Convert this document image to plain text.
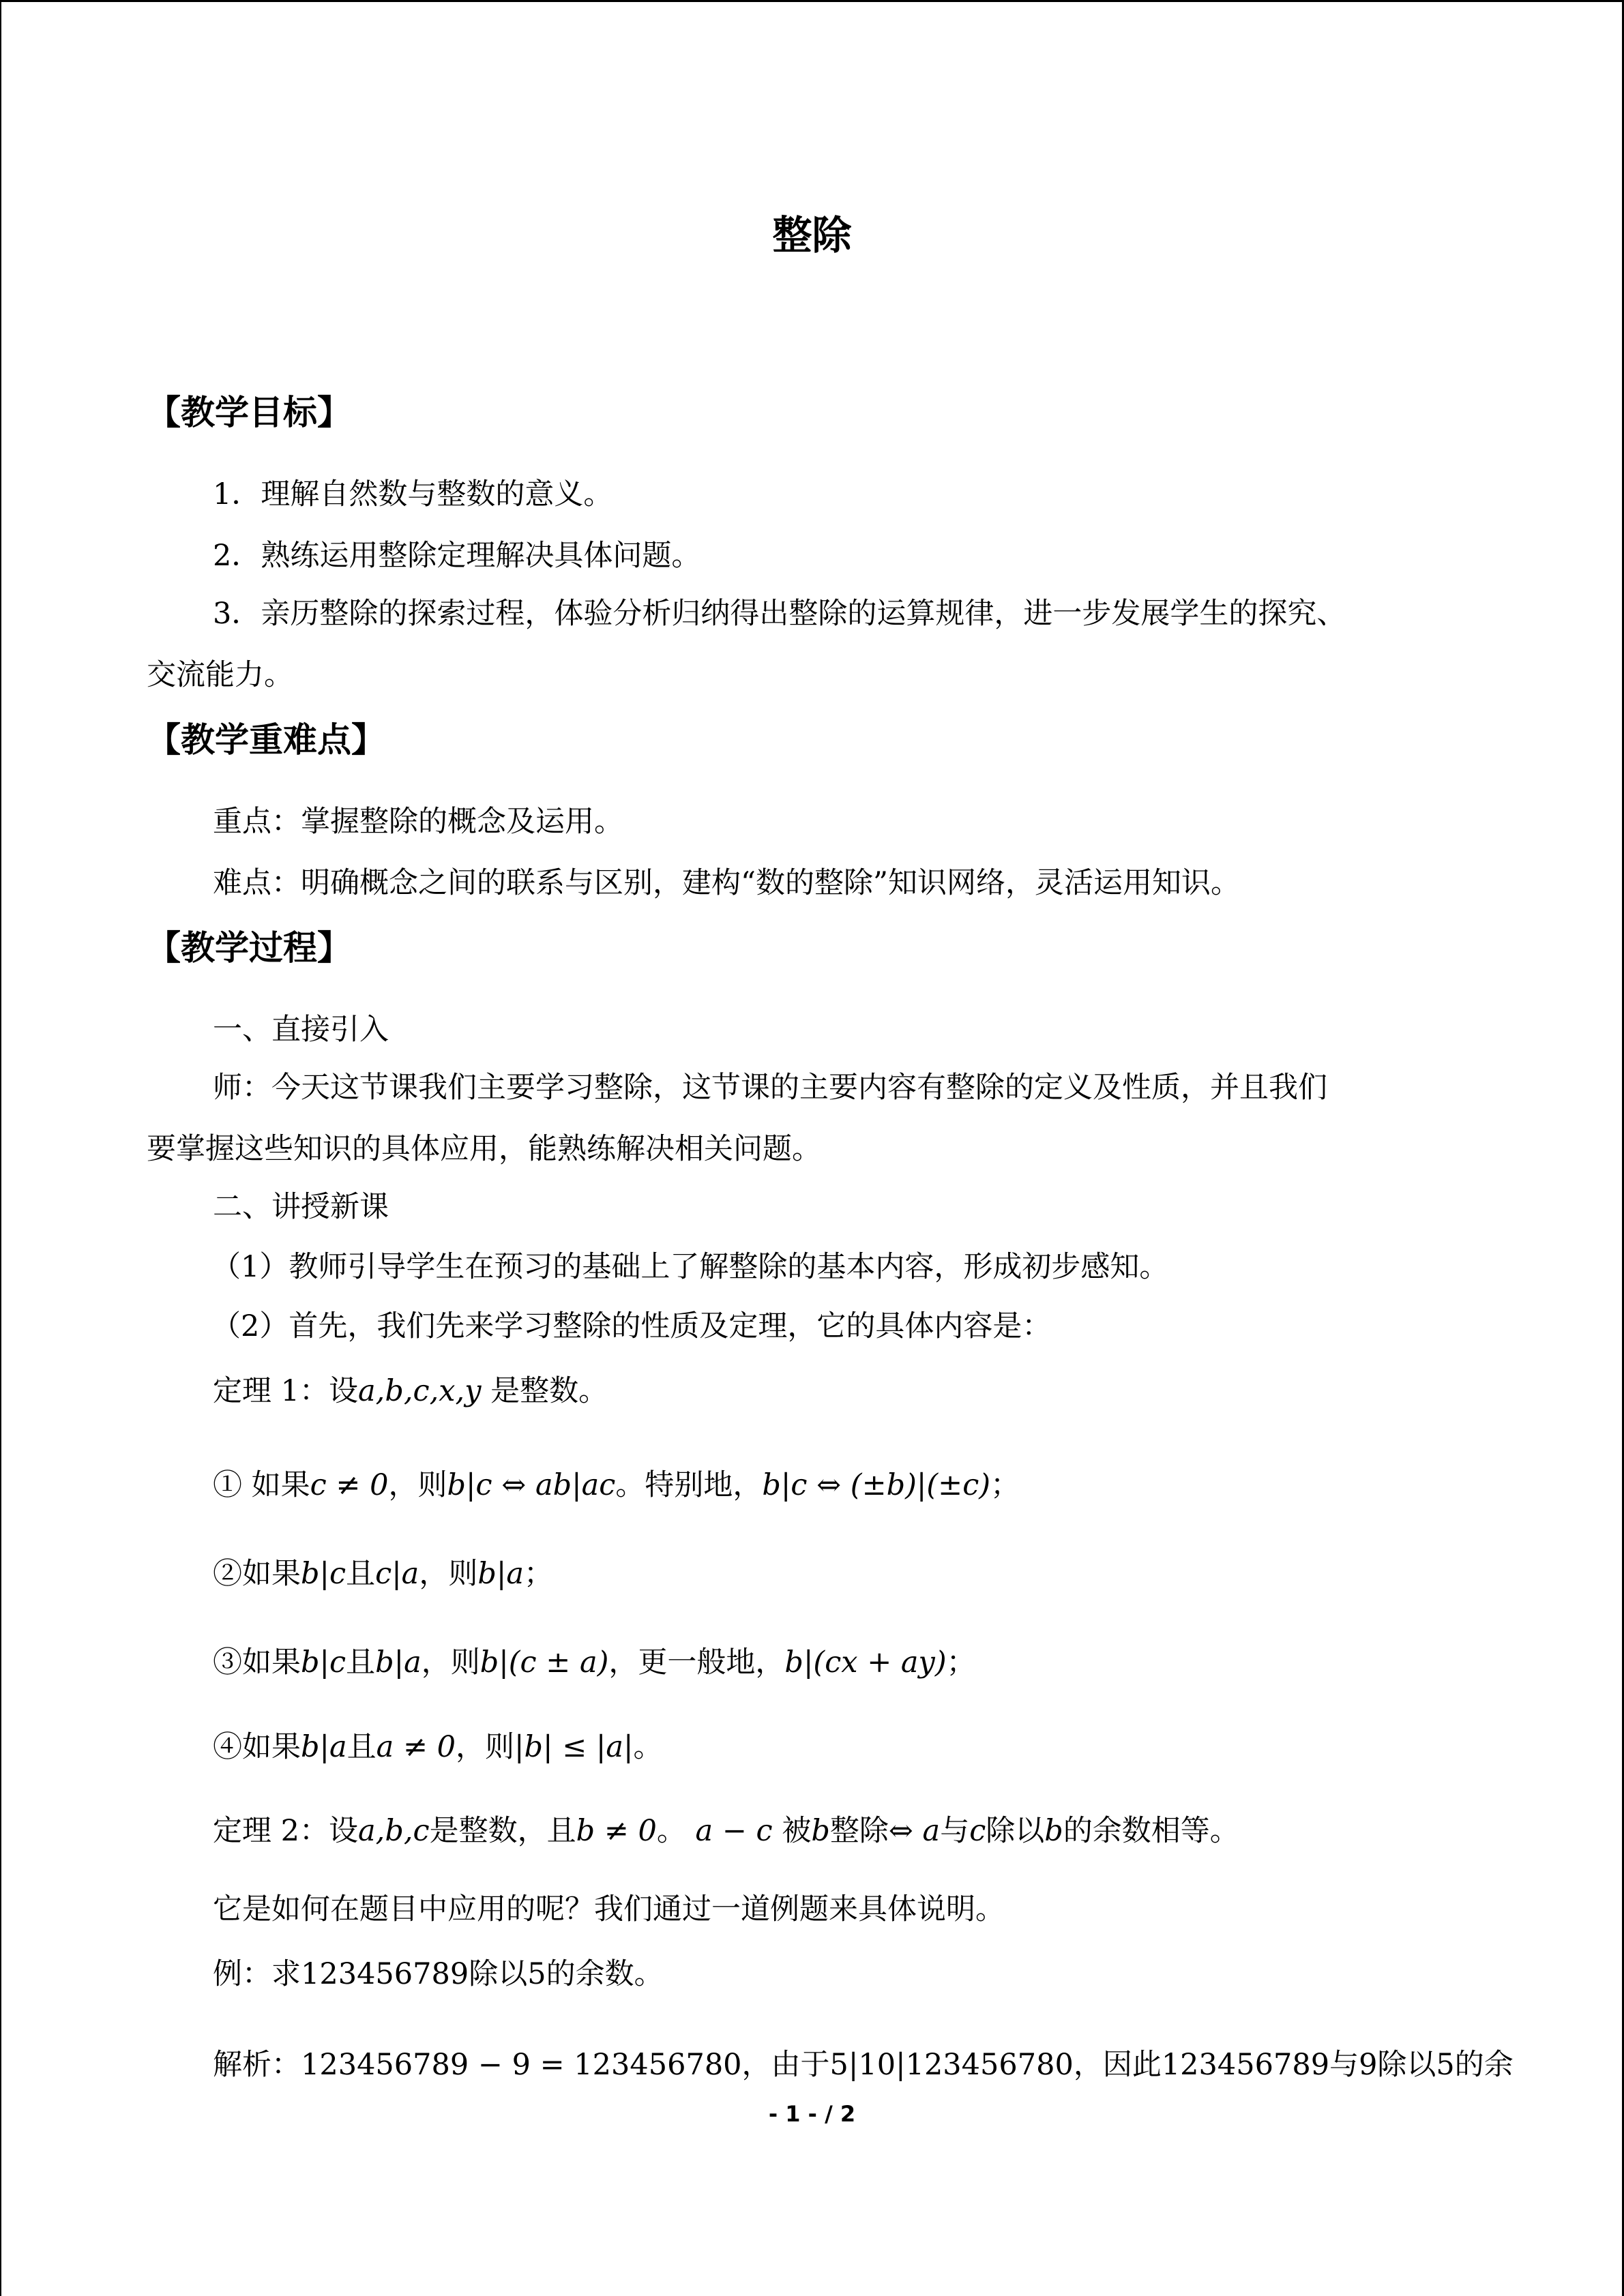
整除
【教学目标】

1．理解自然数与整数的意义。

2．熟练运用整除定理解决具体问题。

3．亲历整除的探索过程，体验分析归纳得出整除的运算规律，进一步发展学生的探究、

交流能力。

【教学重难点】

重点：掌握整除的概念及运用。

难点：明确概念之间的联系与区别，建构“数的整除”知识网络，灵活运用知识。

【教学过程】

一、直接引入

师：今天这节课我们主要学习整除，这节课的主要内容有整除的定义及性质，并且我们

要掌握这些知识的具体应用，能熟练解决相关问题。

二、讲授新课

（1）教师引导学生在预习的基础上了解整除的基本内容，形成初步感知。

（2）首先，我们先来学习整除的性质及定理，它的具体内容是：

定理 1：设a,b,c,x,y 是整数。

① 如果c ≠ 0，则b|c ⇔ ab|ac。特别地，b|c ⇔ (±b)|(±c)；

②如果b|c且c|a，则b|a；

③如果b|c且b|a，则b|(c ± a)，更一般地，b|(cx + ay)；

④如果b|a且a ≠ 0，则|b| ≤ |a|。

定理 2：设a,b,c是整数，且b ≠ 0。 a − c 被b整除⇔ a与c除以b的余数相等。

它是如何在题目中应用的呢？我们通过一道例题来具体说明。

例：求123456789除以5的余数。

解析：123456789 − 9 = 123456780，由于5|10|123456780，因此123456789与9除以5的余

- 1 - / 2
